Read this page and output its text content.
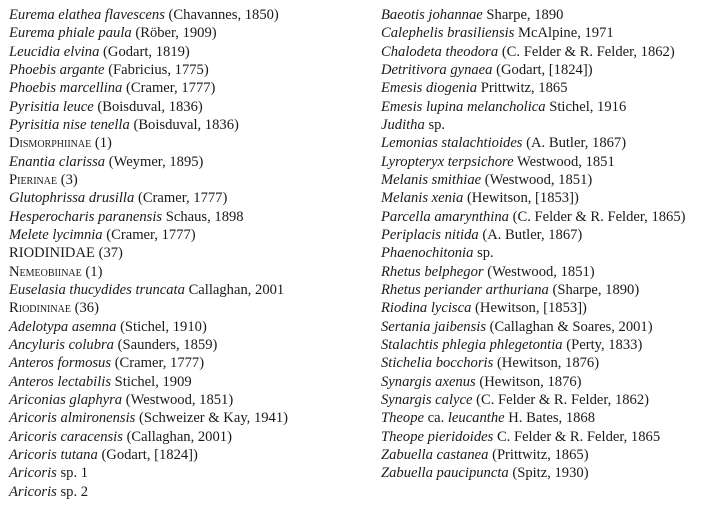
Eurema elathea flavescens (Chavannes, 1850)
Eurema phiale paula (Röber, 1909)
Leucidia elvina (Godart, 1819)
Phoebis argante (Fabricius, 1775)
Phoebis marcellina (Cramer, 1777)
Pyrisitia leuce (Boisduval, 1836)
Pyrisitia nise tenella (Boisduval, 1836)
Dismorphiinae (1)
Enantia clarissa (Weymer, 1895)
Pierinae (3)
Glutophrissa drusilla (Cramer, 1777)
Hesperocharis paranensis Schaus, 1898
Melete lycimnia (Cramer, 1777)
RIODINIDAE (37)
Nemeobiinae (1)
Euselasia thucydides truncata Callaghan, 2001
Riodininae (36)
Adelotypa asemna (Stichel, 1910)
Ancyluris colubra (Saunders, 1859)
Anteros formosus (Cramer, 1777)
Anteros lectabilis Stichel, 1909
Ariconias glaphyra (Westwood, 1851)
Aricoris almironensis (Schweizer & Kay, 1941)
Aricoris caracensis (Callaghan, 2001)
Aricoris tutana (Godart, [1824])
Aricoris sp. 1
Aricoris sp. 2
Baeotis johannae Sharpe, 1890
Calephelis brasiliensis McAlpine, 1971
Chalodeta theodora (C. Felder & R. Felder, 1862)
Detritivora gynaea (Godart, [1824])
Emesis diogenia Prittwitz, 1865
Emesis lupina melancholica Stichel, 1916
Juditha sp.
Lemonias stalachtioides (A. Butler, 1867)
Lyropteryx terpsichore Westwood, 1851
Melanis smithiae (Westwood, 1851)
Melanis xenia (Hewitson, [1853])
Parcella amarynthina (C. Felder & R. Felder, 1865)
Periplacis nitida (A. Butler, 1867)
Phaenochitonia sp.
Rhetus belphegor (Westwood, 1851)
Rhetus periander arthuriana (Sharpe, 1890)
Riodina lycisca (Hewitson, [1853])
Sertania jaibensis (Callaghan & Soares, 2001)
Stalachtis phlegia phlegetontia (Perty, 1833)
Stichelia bocchoris (Hewitson, 1876)
Synargis axenus (Hewitson, 1876)
Synargis calyce (C. Felder & R. Felder, 1862)
Theope ca. leucanthe H. Bates, 1868
Theope pieridoides C. Felder & R. Felder, 1865
Zabuella castanea (Prittwitz, 1865)
Zabuella paucipuncta (Spitz, 1930)
